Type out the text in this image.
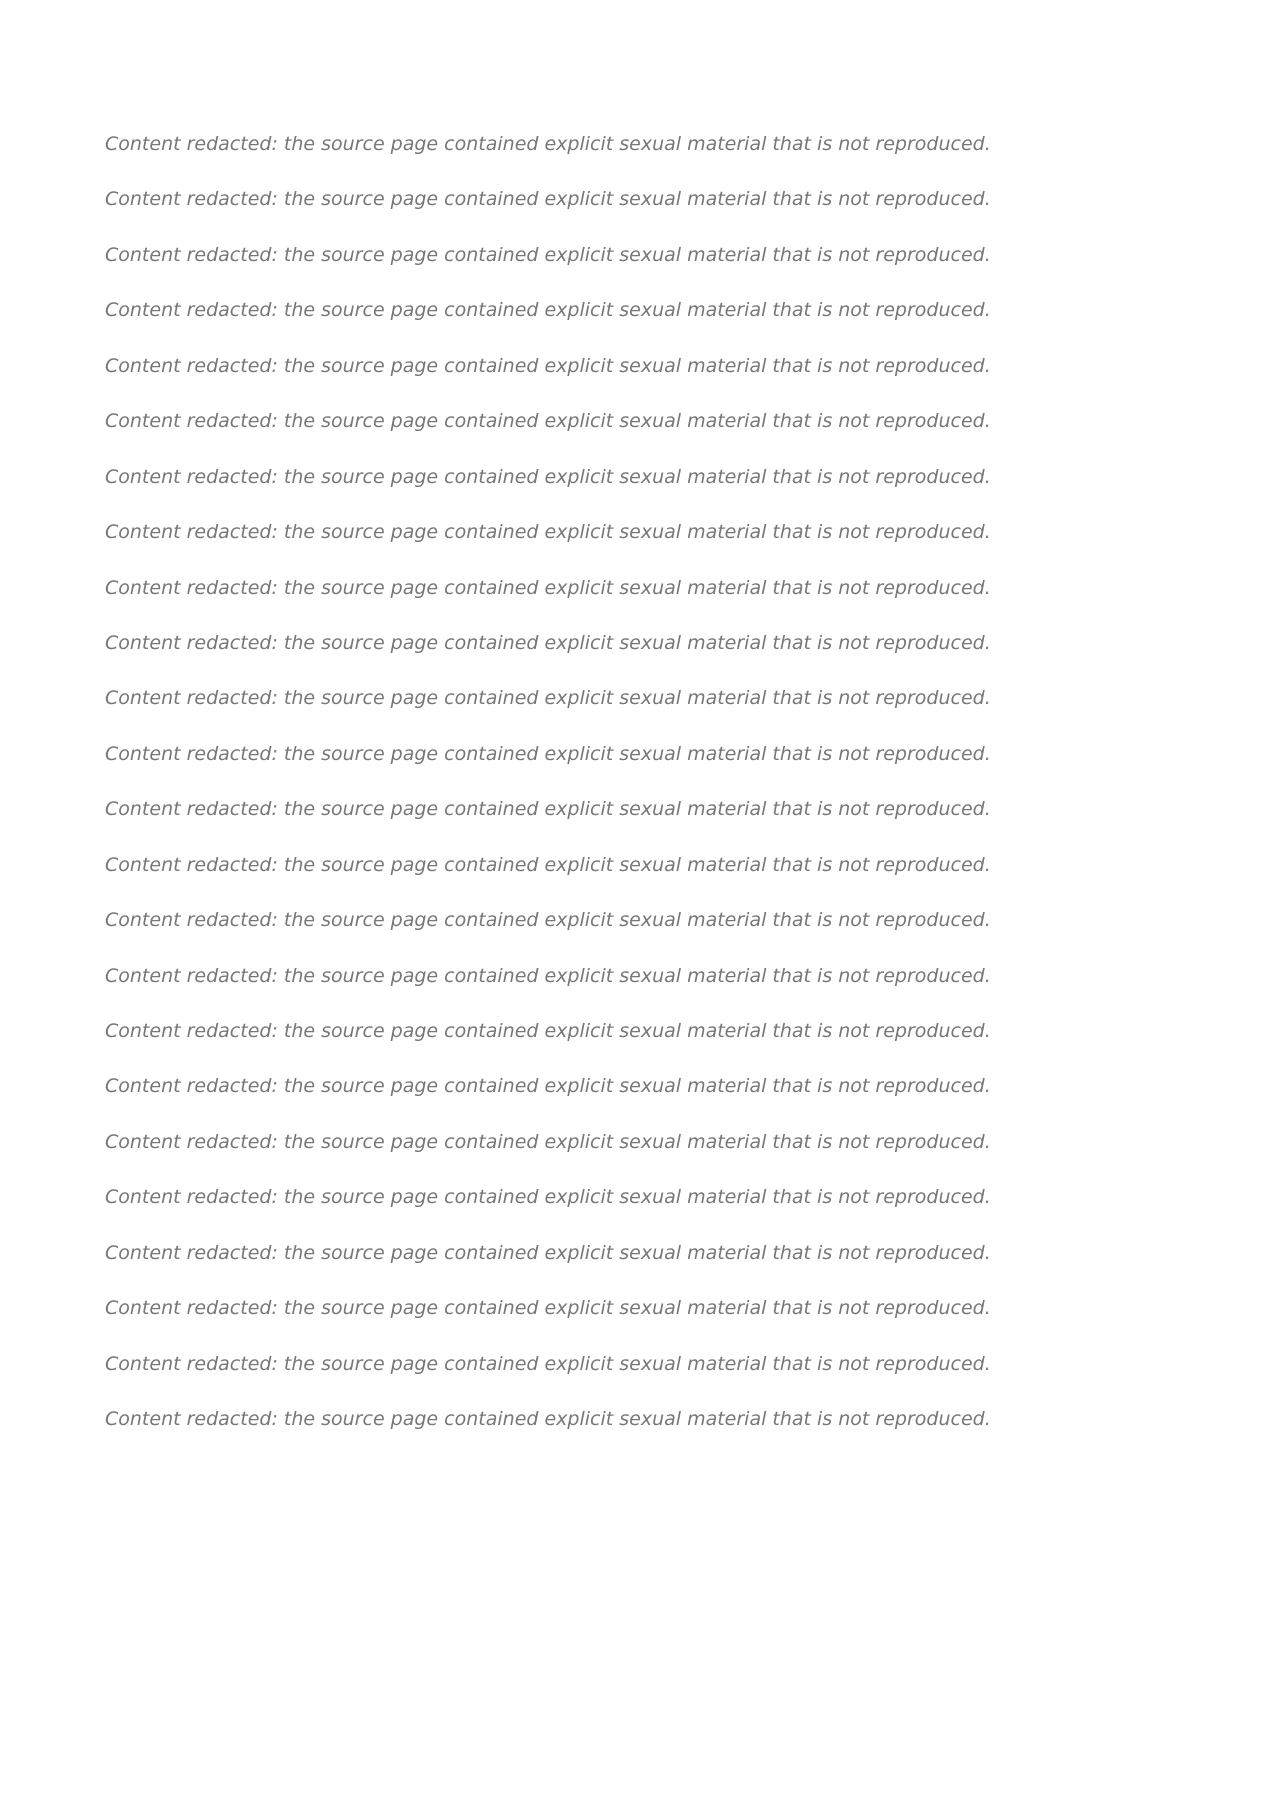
Content redacted: the source page contained explicit sexual material that is not reproduced.

Content redacted: the source page contained explicit sexual material that is not reproduced.

Content redacted: the source page contained explicit sexual material that is not reproduced.

Content redacted: the source page contained explicit sexual material that is not reproduced.

Content redacted: the source page contained explicit sexual material that is not reproduced.

Content redacted: the source page contained explicit sexual material that is not reproduced.

Content redacted: the source page contained explicit sexual material that is not reproduced.

Content redacted: the source page contained explicit sexual material that is not reproduced.

Content redacted: the source page contained explicit sexual material that is not reproduced.

Content redacted: the source page contained explicit sexual material that is not reproduced.

Content redacted: the source page contained explicit sexual material that is not reproduced.

Content redacted: the source page contained explicit sexual material that is not reproduced.

Content redacted: the source page contained explicit sexual material that is not reproduced.

Content redacted: the source page contained explicit sexual material that is not reproduced.

Content redacted: the source page contained explicit sexual material that is not reproduced.

Content redacted: the source page contained explicit sexual material that is not reproduced.

Content redacted: the source page contained explicit sexual material that is not reproduced.

Content redacted: the source page contained explicit sexual material that is not reproduced.

Content redacted: the source page contained explicit sexual material that is not reproduced.

Content redacted: the source page contained explicit sexual material that is not reproduced.

Content redacted: the source page contained explicit sexual material that is not reproduced.

Content redacted: the source page contained explicit sexual material that is not reproduced.

Content redacted: the source page contained explicit sexual material that is not reproduced.

Content redacted: the source page contained explicit sexual material that is not reproduced.
